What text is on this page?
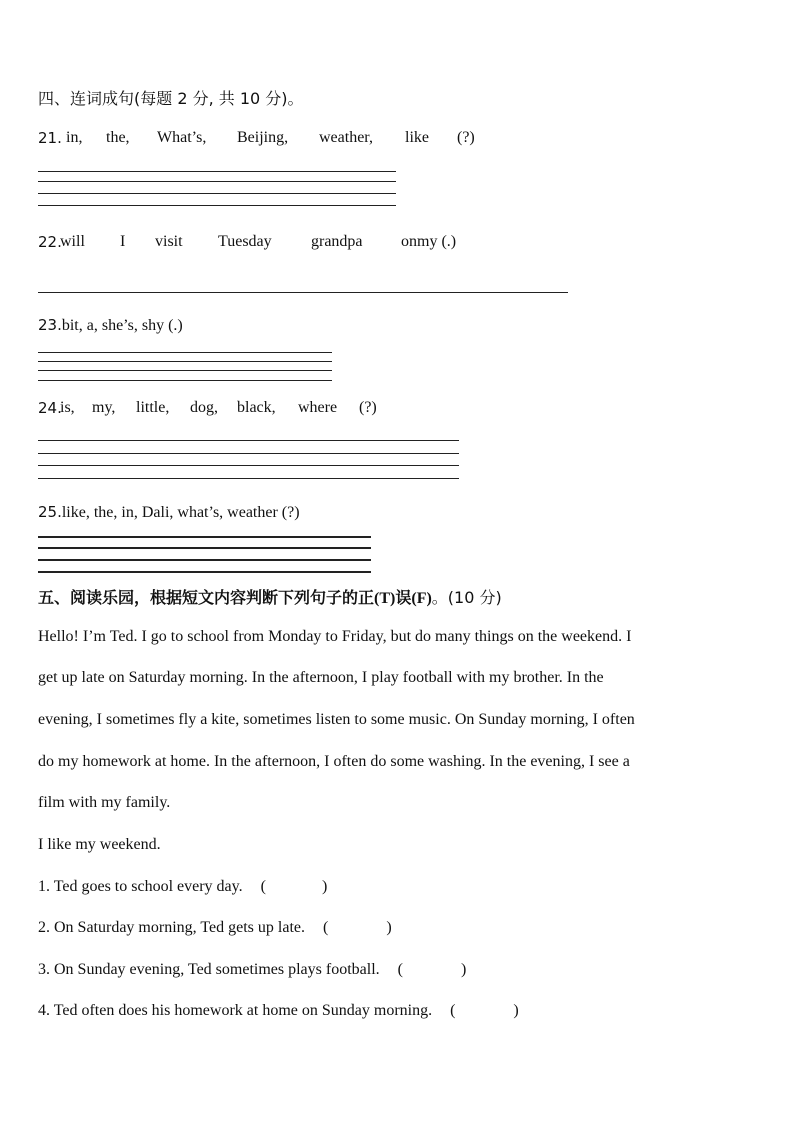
四、连词成句(每题 2 分, 共 10 分)。
21. in, the, What’s, Beijing, weather, like (?)
22.
will I visit Tuesday grandpa onmy (.)
23.bit, a, she’s, shy (.)
24.
is, my, little, dog, black, where (?)
25.like, the, in, Dali, what’s, weather (?)
五、阅读乐园，根据短文内容判断下列句子的正(T)误(F)。(10 分)
Hello! I’m Ted. I go to school from Monday to Friday, but do many things on the weekend. I
get up late on Saturday morning. In the afternoon, I play football with my brother. In the
evening, I sometimes fly a kite, sometimes listen to some music. On Sunday morning, I often
do my homework at home. In the afternoon, I often do some washing. In the evening, I see a
film with my family.
I like my weekend.
1. Ted goes to school every day. (	)
2. On Saturday morning, Ted gets up late. (	)
3. On Sunday evening, Ted sometimes plays football. (	)
4. Ted often does his homework at home on Sunday morning. (	)
